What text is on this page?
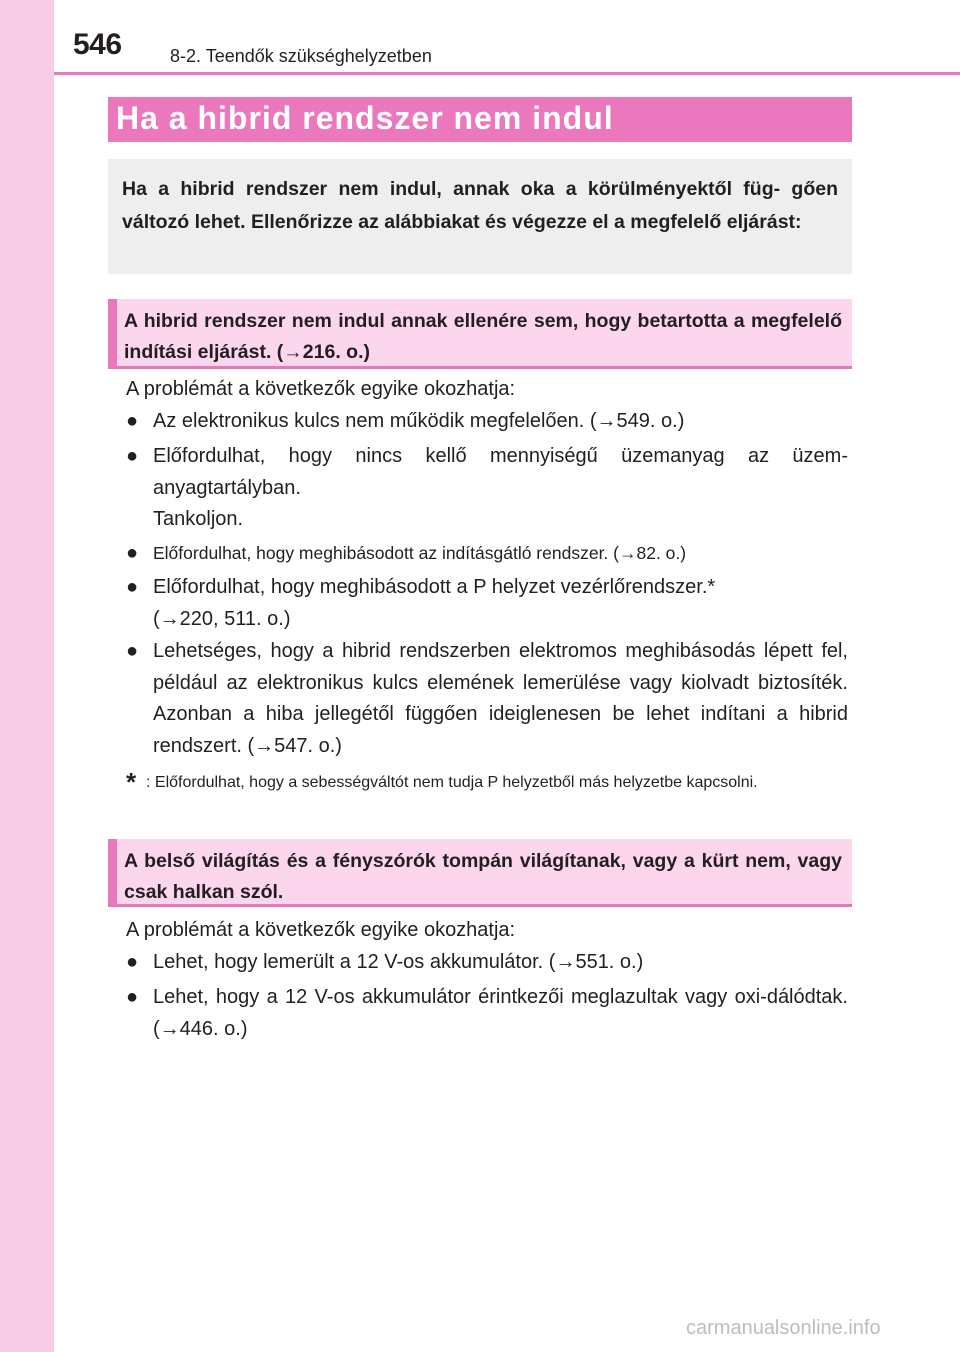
546	8-2. Teendők szükséghelyzetben
Ha a hibrid rendszer nem indul
Ha a hibrid rendszer nem indul, annak oka a körülményektől füg- gően változó lehet. Ellenőrizze az alábbiakat és végezze el a megfelelő eljárást:
A hibrid rendszer nem indul annak ellenére sem, hogy betartotta a megfelelő indítási eljárást. (→216. o.)
A problémát a következők egyike okozhatja:
● Az elektronikus kulcs nem működik megfelelően. (→549. o.)
● Előfordulhat, hogy nincs kellő mennyiségű üzemanyag az üzem-anyagtartályban.
Tankoljon.
● Előfordulhat, hogy meghibásodott az indításgátló rendszer. (→82. o.)
● Előfordulhat, hogy meghibásodott a P helyzet vezérlőrendszer.*
(→220, 511. o.)
● Lehetséges, hogy a hibrid rendszerben elektromos meghibásodás lépett fel, például az elektronikus kulcs elemének lemerülése vagy kiolvadt biztosíték. Azonban a hiba jellegétől függően ideiglenesen be lehet indítani a hibrid rendszert. (→547. o.)
* : Előfordulhat, hogy a sebességváltót nem tudja P helyzetből más helyzetbe kapcsolni.
A belső világítás és a fényszórók tompán világítanak, vagy a kürt nem, vagy csak halkan szól.
A problémát a következők egyike okozhatja:
● Lehet, hogy lemerült a 12 V-os akkumulátor. (→551. o.)
● Lehet, hogy a 12 V-os akkumulátor érintkezői meglazultak vagy oxi-dálódtak. (→446. o.)
carmanualsonline.info
